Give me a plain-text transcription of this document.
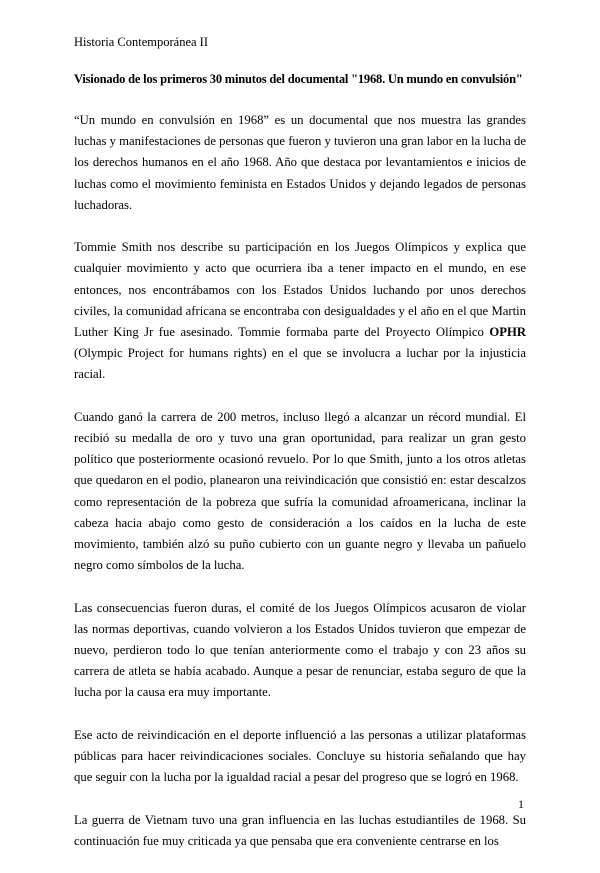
Historia Contemporánea II
Visionado de los primeros 30 minutos del documental "1968. Un mundo en convulsión"

“Un mundo en convulsión en 1968” es un documental que nos muestra las grandes luchas y manifestaciones de personas que fueron y tuvieron una gran labor en la lucha de los derechos humanos en el año 1968. Año que destaca por levantamientos e inicios de luchas como el movimiento feminista en Estados Unidos y dejando legados de personas luchadoras.

Tommie Smith nos describe su participación en los Juegos Olímpicos y explica que cualquier movimiento y acto que ocurriera iba a tener impacto en el mundo, en ese entonces, nos encontrábamos con los Estados Unidos luchando por unos derechos civiles, la comunidad africana se encontraba con desigualdades y el año en el que Martin Luther King Jr fue asesinado. Tommie formaba parte del Proyecto Olímpico OPHR (Olympic Project for humans rights) en el que se involucra a luchar por la injusticia racial.

Cuando ganó la carrera de 200 metros, incluso llegó a alcanzar un récord mundial. El recibió su medalla de oro y tuvo una gran oportunidad, para realizar un gran gesto político que posteriormente ocasionó revuelo. Por lo que Smith, junto a los otros atletas que quedaron en el podio, planearon una reivindicación que consistió en: estar descalzos como representación de la pobreza que sufría la comunidad afroamericana, inclinar la cabeza hacia abajo como gesto de consideración a los caídos en la lucha de este movimiento, también alzó su puño cubierto con un guante negro y llevaba un pañuelo negro como símbolos de la lucha.

Las consecuencias fueron duras, el comité de los Juegos Olímpicos acusaron de violar las normas deportivas, cuando volvieron a los Estados Unidos tuvieron que empezar de nuevo, perdieron todo lo que tenían anteriormente como el trabajo y con 23 años su carrera de atleta se había acabado. Aunque a pesar de renunciar, estaba seguro de que la lucha por la causa era muy importante.

Ese acto de reivindicación en el deporte influenció a las personas a utilizar plataformas públicas para hacer reivindicaciones sociales. Concluye su historia señalando que hay que seguir con la lucha por la igualdad racial a pesar del progreso que se logró en 1968.

La guerra de Vietnam tuvo una gran influencia en las luchas estudiantiles de 1968. Su continuación fue muy criticada ya que pensaba que era conveniente centrarse en los

1
